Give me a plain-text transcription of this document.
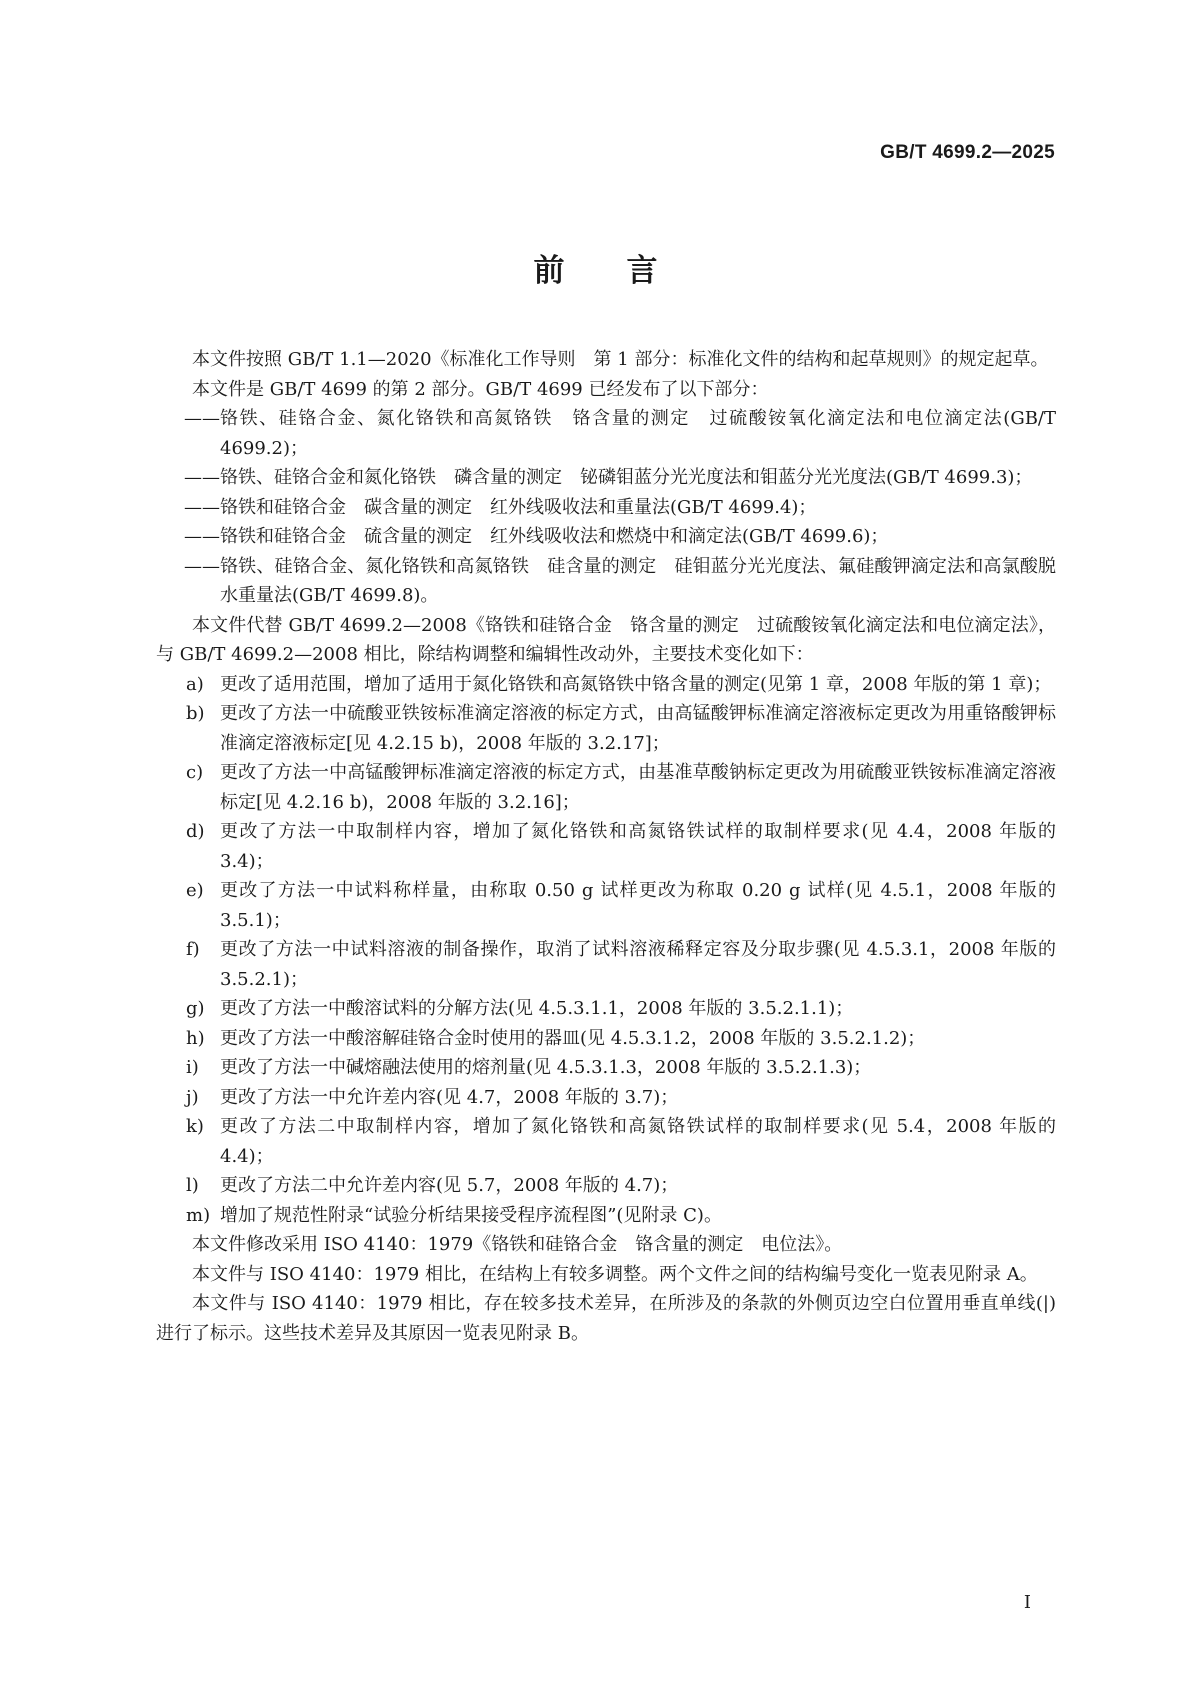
GB/T 4699.2—2025
前言

本文件按照 GB/T 1.1—2020《标准化工作导则　第 1 部分：标准化文件的结构和起草规则》的规定起草。

本文件是 GB/T 4699 的第 2 部分。GB/T 4699 已经发布了以下部分：

—— 铬铁、硅铬合金、氮化铬铁和高氮铬铁　铬含量的测定　过硫酸铵氧化滴定法和电位滴定法(GB/T 4699.2)；

—— 铬铁、硅铬合金和氮化铬铁　磷含量的测定　铋磷钼蓝分光光度法和钼蓝分光光度法(GB/T 4699.3)；

—— 铬铁和硅铬合金　碳含量的测定　红外线吸收法和重量法(GB/T 4699.4)；

—— 铬铁和硅铬合金　硫含量的测定　红外线吸收法和燃烧中和滴定法(GB/T 4699.6)；

—— 铬铁、硅铬合金、氮化铬铁和高氮铬铁　硅含量的测定　硅钼蓝分光光度法、氟硅酸钾滴定法和高氯酸脱水重量法(GB/T 4699.8)。

本文件代替 GB/T 4699.2—2008《铬铁和硅铬合金　铬含量的测定　过硫酸铵氧化滴定法和电位滴定法》，与 GB/T 4699.2—2008 相比，除结构调整和编辑性改动外，主要技术变化如下：

a) 更改了适用范围，增加了适用于氮化铬铁和高氮铬铁中铬含量的测定(见第 1 章，2008 年版的第 1 章)；

b) 更改了方法一中硫酸亚铁铵标准滴定溶液的标定方式，由高锰酸钾标准滴定溶液标定更改为用重铬酸钾标准滴定溶液标定[见 4.2.15 b)，2008 年版的 3.2.17]；

c) 更改了方法一中高锰酸钾标准滴定溶液的标定方式，由基准草酸钠标定更改为用硫酸亚铁铵标准滴定溶液标定[见 4.2.16 b)，2008 年版的 3.2.16]；

d) 更改了方法一中取制样内容，增加了氮化铬铁和高氮铬铁试样的取制样要求(见 4.4，2008 年版的 3.4)；

e) 更改了方法一中试料称样量，由称取 0.50 g 试样更改为称取 0.20 g 试样(见 4.5.1，2008 年版的 3.5.1)；

f) 更改了方法一中试料溶液的制备操作，取消了试料溶液稀释定容及分取步骤(见 4.5.3.1，2008 年版的 3.5.2.1)；

g) 更改了方法一中酸溶试料的分解方法(见 4.5.3.1.1，2008 年版的 3.5.2.1.1)；

h) 更改了方法一中酸溶解硅铬合金时使用的器皿(见 4.5.3.1.2，2008 年版的 3.5.2.1.2)；

i) 更改了方法一中碱熔融法使用的熔剂量(见 4.5.3.1.3，2008 年版的 3.5.2.1.3)；

j) 更改了方法一中允许差内容(见 4.7，2008 年版的 3.7)；

k) 更改了方法二中取制样内容，增加了氮化铬铁和高氮铬铁试样的取制样要求(见 5.4，2008 年版的 4.4)；

l) 更改了方法二中允许差内容(见 5.7，2008 年版的 4.7)；

m) 增加了规范性附录“试验分析结果接受程序流程图”(见附录 C)。

本文件修改采用 ISO 4140：1979《铬铁和硅铬合金　铬含量的测定　电位法》。

本文件与 ISO 4140：1979 相比，在结构上有较多调整。两个文件之间的结构编号变化一览表见附录 A。

本文件与 ISO 4140：1979 相比，存在较多技术差异，在所涉及的条款的外侧页边空白位置用垂直单线(|)进行了标示。这些技术差异及其原因一览表见附录 B。

I
